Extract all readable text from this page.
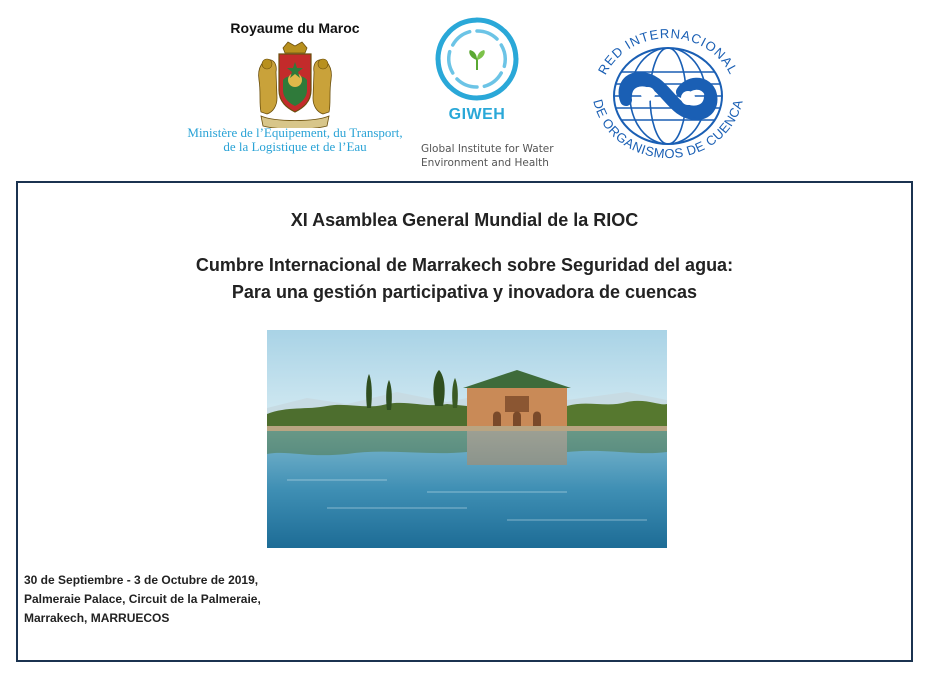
Royaume du Maroc
Ministère de l’Equipement, du Transport,
de la Logistique et de l’Eau
GIWEH
Global Institute for Water
Environment and Health
RED INTERNACIONAL
DE ORGANISMOS DE CUENCA
XI Asamblea General Mundial de la RIOC
Cumbre Internacional de Marrakech sobre Seguridad del agua:
Para una gestión participativa y inovadora de cuencas
30 de Septiembre - 3 de Octubre de 2019,
Palmeraie Palace, Circuit de la Palmeraie,
Marrakech, MARRUECOS
